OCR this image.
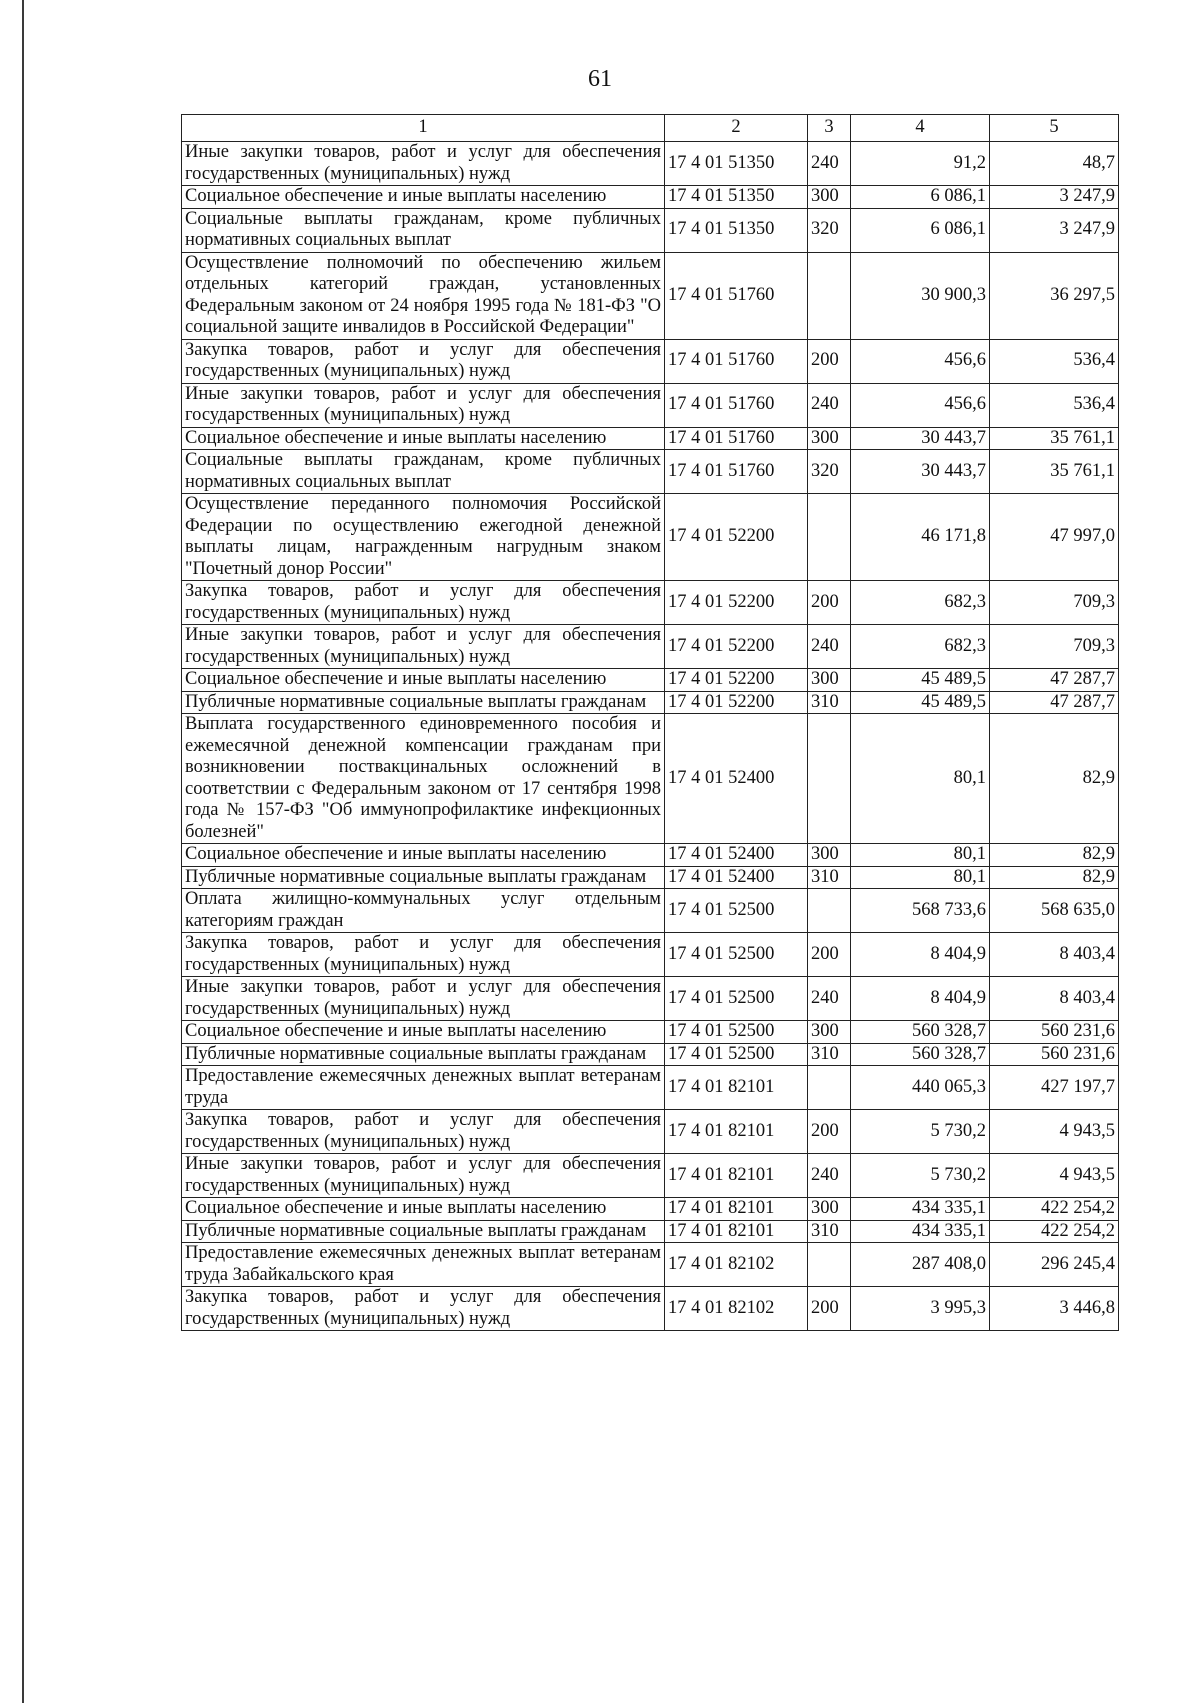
61
1	2	3	4	5
Иные закупки товаров, работ и услуг для обеспечения государственных (муниципальных) нужд	17 4 01 51350	240	91,2	48,7
Социальное обеспечение и иные выплаты населению	17 4 01 51350	300	6 086,1	3 247,9
Социальные выплаты гражданам, кроме публичных нормативных социальных выплат	17 4 01 51350	320	6 086,1	3 247,9
Осуществление полномочий по обеспечению жильем отдельных категорий граждан, установленных Федеральным законом от 24 ноября 1995 года № 181-ФЗ "О социальной защите инвалидов в Российской Федерации"	17 4 01 51760		30 900,3	36 297,5
Закупка товаров, работ и услуг для обеспечения государственных (муниципальных) нужд	17 4 01 51760	200	456,6	536,4
Иные закупки товаров, работ и услуг для обеспечения государственных (муниципальных) нужд	17 4 01 51760	240	456,6	536,4
Социальное обеспечение и иные выплаты населению	17 4 01 51760	300	30 443,7	35 761,1
Социальные выплаты гражданам, кроме публичных нормативных социальных выплат	17 4 01 51760	320	30 443,7	35 761,1
Осуществление переданного полномочия Российской Федерации по осуществлению ежегодной денежной выплаты лицам, награжденным нагрудным знаком "Почетный донор России"	17 4 01 52200		46 171,8	47 997,0
Закупка товаров, работ и услуг для обеспечения государственных (муниципальных) нужд	17 4 01 52200	200	682,3	709,3
Иные закупки товаров, работ и услуг для обеспечения государственных (муниципальных) нужд	17 4 01 52200	240	682,3	709,3
Социальное обеспечение и иные выплаты населению	17 4 01 52200	300	45 489,5	47 287,7
Публичные нормативные социальные выплаты гражданам	17 4 01 52200	310	45 489,5	47 287,7
Выплата государственного единовременного пособия и ежемесячной денежной компенсации гражданам при возникновении поствакцинальных осложнений в соответствии с Федеральным законом от 17 сентября 1998 года № 157-ФЗ "Об иммунопрофилактике инфекционных болезней"	17 4 01 52400		80,1	82,9
Социальное обеспечение и иные выплаты населению	17 4 01 52400	300	80,1	82,9
Публичные нормативные социальные выплаты гражданам	17 4 01 52400	310	80,1	82,9
Оплата жилищно-коммунальных услуг отдельным категориям граждан	17 4 01 52500		568 733,6	568 635,0
Закупка товаров, работ и услуг для обеспечения государственных (муниципальных) нужд	17 4 01 52500	200	8 404,9	8 403,4
Иные закупки товаров, работ и услуг для обеспечения государственных (муниципальных) нужд	17 4 01 52500	240	8 404,9	8 403,4
Социальное обеспечение и иные выплаты населению	17 4 01 52500	300	560 328,7	560 231,6
Публичные нормативные социальные выплаты гражданам	17 4 01 52500	310	560 328,7	560 231,6
Предоставление ежемесячных денежных выплат ветеранам труда	17 4 01 82101		440 065,3	427 197,7
Закупка товаров, работ и услуг для обеспечения государственных (муниципальных) нужд	17 4 01 82101	200	5 730,2	4 943,5
Иные закупки товаров, работ и услуг для обеспечения государственных (муниципальных) нужд	17 4 01 82101	240	5 730,2	4 943,5
Социальное обеспечение и иные выплаты населению	17 4 01 82101	300	434 335,1	422 254,2
Публичные нормативные социальные выплаты гражданам	17 4 01 82101	310	434 335,1	422 254,2
Предоставление ежемесячных денежных выплат ветеранам труда Забайкальского края	17 4 01 82102		287 408,0	296 245,4
Закупка товаров, работ и услуг для обеспечения государственных (муниципальных) нужд	17 4 01 82102	200	3 995,3	3 446,8
